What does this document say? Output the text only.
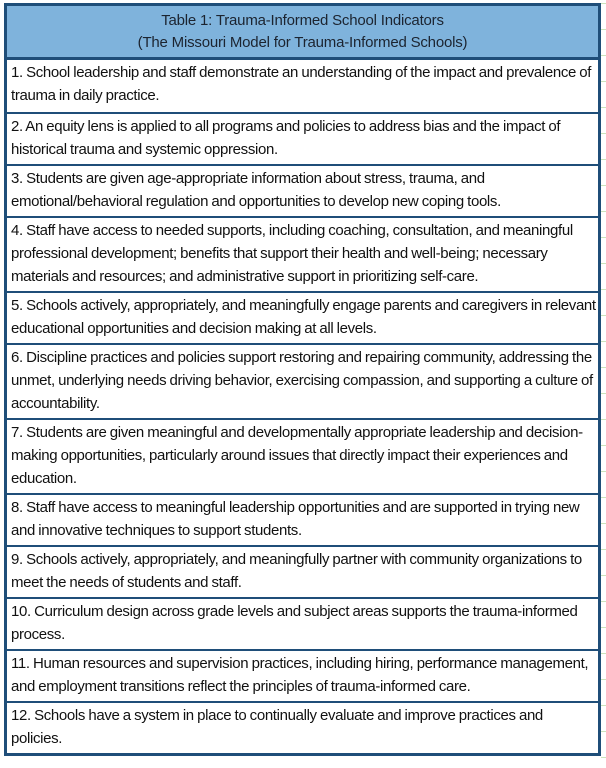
Table 1: Trauma-Informed School Indicators
(The Missouri Model for Trauma-Informed Schools)
1. School leadership and staff demonstrate an understanding of the impact and prevalence of trauma in daily practice.
2. An equity lens is applied to all programs and policies to address bias and the impact of historical trauma and systemic oppression.
3. Students are given age-appropriate information about stress, trauma, and emotional/behavioral regulation and opportunities to develop new coping tools.
4. Staff have access to needed supports, including coaching, consultation, and meaningful professional development; benefits that support their health and well-being; necessary materials and resources; and administrative support in prioritizing self-care.
5. Schools actively, appropriately, and meaningfully engage parents and caregivers in relevant educational opportunities and decision making at all levels.
6. Discipline practices and policies support restoring and repairing community, addressing the unmet, underlying needs driving behavior, exercising compassion, and supporting a culture of accountability.
7. Students are given meaningful and developmentally appropriate leadership and decision-making opportunities, particularly around issues that directly impact their experiences and education.
8. Staff have access to meaningful leadership opportunities and are supported in trying new and innovative techniques to support students.
9. Schools actively, appropriately, and meaningfully partner with community organizations to meet the needs of students and staff.
10. Curriculum design across grade levels and subject areas supports the trauma-informed process.
11. Human resources and supervision practices, including hiring, performance management, and employment transitions reflect the principles of trauma-informed care.
12. Schools have a system in place to continually evaluate and improve practices and policies.
